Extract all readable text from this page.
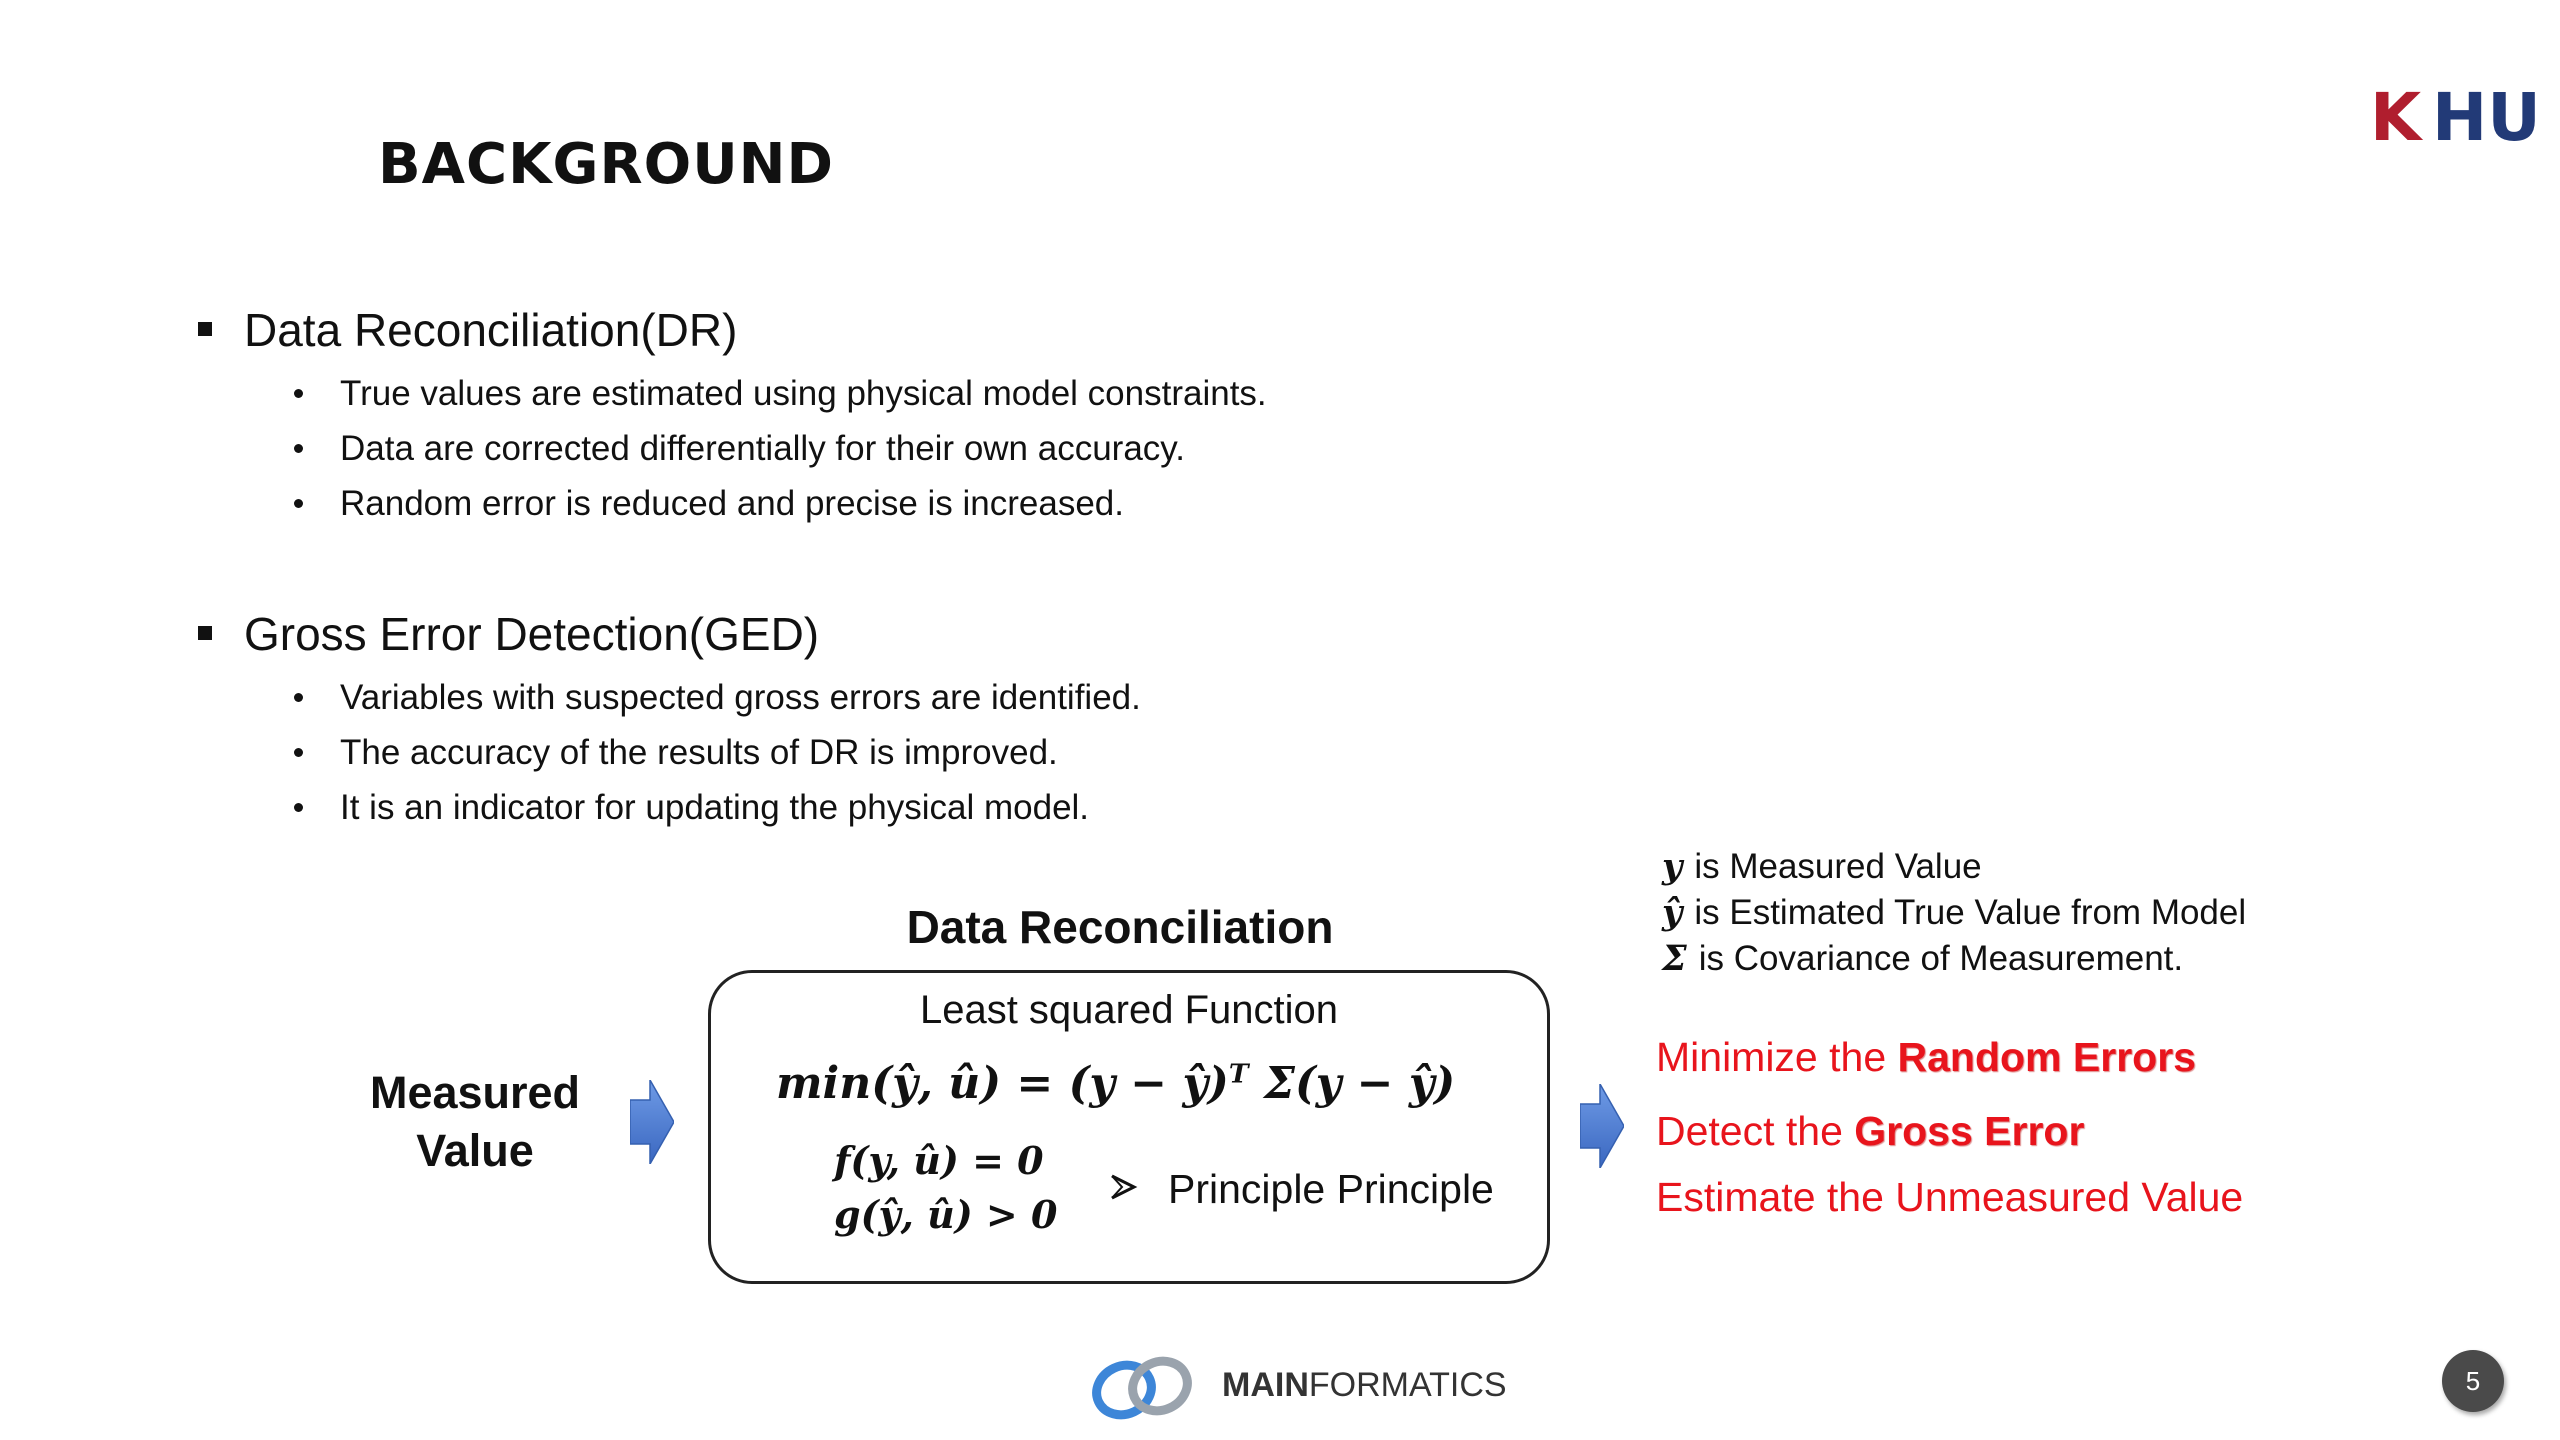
BACKGROUND
K HU
Data Reconciliation(DR)
True values are estimated using physical model constraints.
Data are corrected differentially for their own accuracy.
Random error is reduced and precise is increased.
Gross Error Detection(GED)
Variables with suspected gross errors are identified.
The accuracy of the results of DR is improved.
It is an indicator for updating the physical model.
Measured
Value
Data Reconciliation
Least squared Function
min(ŷ, û) = (y − ŷ)$^T$ Σ(y − ŷ)
f(y, û) = 0
g(ŷ, û) > 0
Principle Principle
y is Measured Value
ŷ is Estimated True Value from Model
Σ is Covariance of Measurement.
Minimize the Random Errors
Detect the Gross Error
Estimate the Unmeasured Value
MAINFORMATICS	5
